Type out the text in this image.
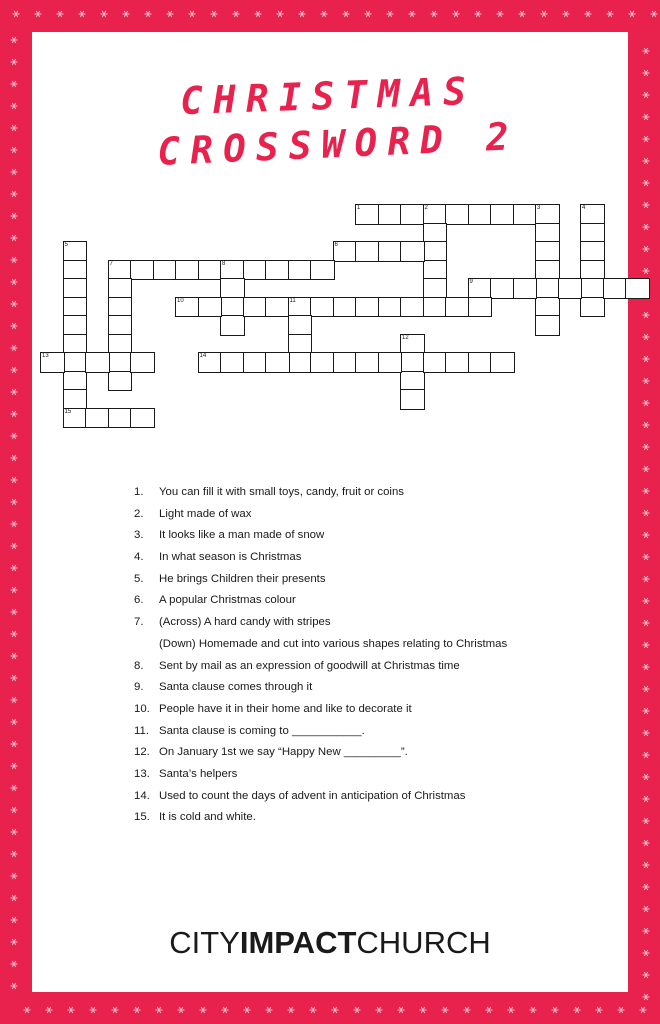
CHRISTMAS
CROSSWORD 2
1	2	3	4
5
15
6
7	8
9
10	11
12
13	14
1.	You can fill it with small toys, candy, fruit or coins
2.	Light made of wax
3.	It looks like a man made of snow
4.	In what season is Christmas
5.	He brings Children their presents
6.	A popular Christmas colour
7.	(Across) A hard candy with stripes
(Down) Homemade and cut into various shapes relating to Christmas
8.	Sent by mail as an expression of goodwill at Christmas time
9.	Santa clause comes through it
10. People have it in their home and like to decorate it
11. Santa clause is coming to ___________.
12. On January 1st we say “Happy New _________”.
13. Santa’s helpers
14. Used to count the days of advent in anticipation of Christmas
15. It is cold and white.
CITYIMPACTCHURCH
